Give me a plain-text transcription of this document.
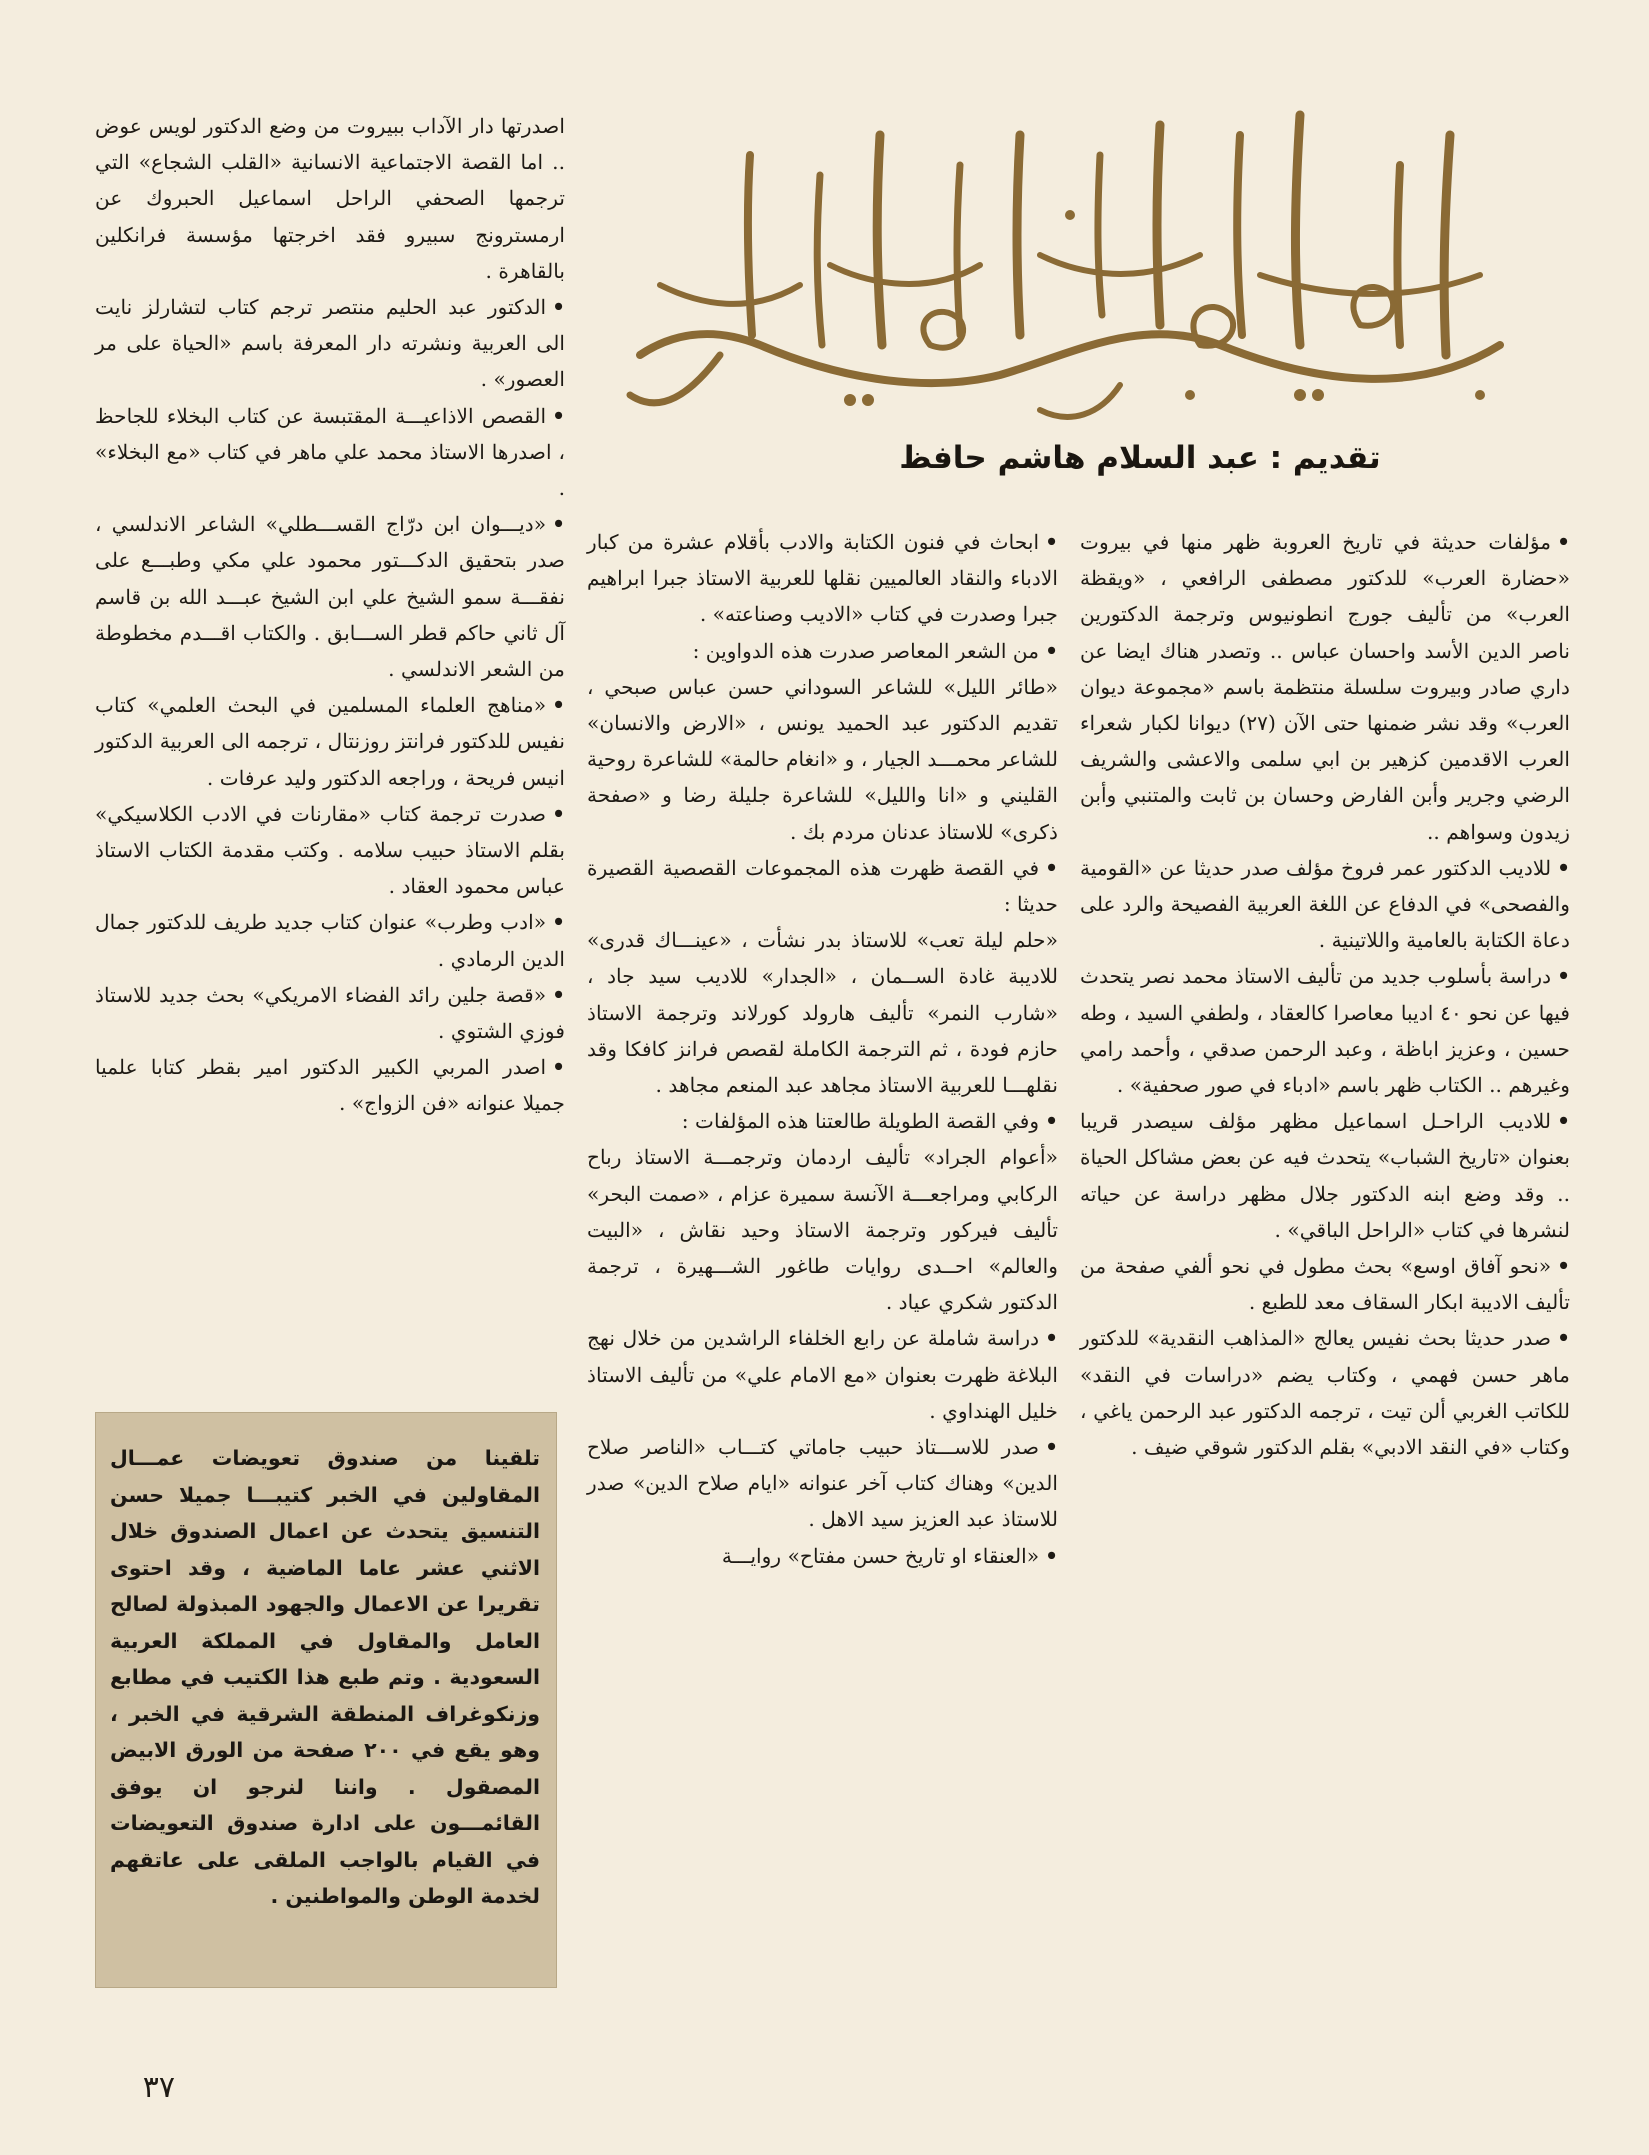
تقديم : عبد السلام هاشم حافظ

•مؤلفات حديثة في تاريخ العروبة ظهر منها في بيروت «حضارة العرب» للدكتور مصطفى الرافعي ، «ويقظة العرب» من تأليف جورج انطونيوس وترجمة الدكتورين ناصر الدين الأسد واحسان عباس .. وتصدر هناك ايضا عن داري صادر وبيروت سلسلة منتظمة باسم «مجموعة ديوان العرب» وقد نشر ضمنها حتى الآن (٢٧) ديوانا لكبار شعراء العرب الاقدمين كزهير بن ابي سلمى والاعشى والشريف الرضي وجرير وأبن الفارض وحسان بن ثابت والمتنبي وأبن زيدون وسواهم ..

•للاديب الدكتور عمر فروخ مؤلف صدر حديثا عن «القومية والفصحى» في الدفاع عن اللغة العربية الفصيحة والرد على دعاة الكتابة بالعامية واللاتينية .

•دراسة بأسلوب جديد من تأليف الاستاذ محمد نصر يتحدث فيها عن نحو ٤٠ اديبا معاصرا كالعقاد ، ولطفي السيد ، وطه حسين ، وعزيز اباظة ، وعبد الرحمن صدقي ، وأحمد رامي وغيرهم .. الكتاب ظهر باسم «ادباء في صور صحفية» .

•للاديب الراحـل اسماعيل مظهر مؤلف سيصدر قريبا بعنوان «تاريخ الشباب» يتحدث فيه عن بعض مشاكل الحياة .. وقد وضع ابنه الدكتور جلال مظهر دراسة عن حياته لنشرها في كتاب «الراحل الباقي» .

•«نحو آفاق اوسع» بحث مطول في نحو ألفي صفحة من تأليف الاديبة ابكار السقاف معد للطبع .

•صدر حديثا بحث نفيس يعالج «المذاهب النقدية» للدكتور ماهر حسن فهمي ، وكتاب يضم «دراسات في النقد» للكاتب الغربي ألن تيت ، ترجمه الدكتور عبد الرحمن ياغي ، وكتاب «في النقد الادبي» بقلم الدكتور شوقي ضيف .

•ابحاث في فنون الكتابة والادب بأقلام عشرة من كبار الادباء والنقاد العالميين نقلها للعربية الاستاذ جبرا ابراهيم جبرا وصدرت في كتاب «الاديب وصناعته» .

•من الشعر المعاصر صدرت هذه الدواوين :

«طائر الليل» للشاعر السوداني حسن عباس صبحي ، تقديم الدكتور عبد الحميد يونس ، «الارض والانسان» للشاعر محمـــد الجيار ، و «انغام حالمة» للشاعرة روحية القليني و «انا والليل» للشاعرة جليلة رضا و «صفحة ذكرى» للاستاذ عدنان مردم بك .

•في القصة ظهرت هذه المجموعات القصصية القصيرة حديثا :

«حلم ليلة تعب» للاستاذ بدر نشأت ، «عينـــاك قدرى» للاديبة غادة الســمان ، «الجدار» للاديب سيد جاد ، «شارب النمر» تأليف هارولد كورلاند وترجمة الاستاذ حازم فودة ، ثم الترجمة الكاملة لقصص فرانز كافكا وقد نقلهـــا للعربية الاستاذ مجاهد عبد المنعم مجاهد .

•وفي القصة الطويلة طالعتنا هذه المؤلفات :

«أعوام الجراد» تأليف اردمان وترجمـــة الاستاذ رباح الركابي ومراجعـــة الآنسة سميرة عزام ، «صمت البحر» تأليف فيركور وترجمة الاستاذ وحيد نقاش ، «البيت والعالم» احــدى روايات طاغور الشـــهيرة ، ترجمة الدكتور شكري عياد .

•دراسة شاملة عن رابع الخلفاء الراشدين من خلال نهج البلاغة ظهرت بعنوان «مع الامام علي» من تأليف الاستاذ خليل الهنداوي .

•صدر للاســـتاذ حبيب جاماتي كتـــاب «الناصر صلاح الدين» وهناك كتاب آخر عنوانه «ايام صلاح الدين» صدر للاستاذ عبد العزيز سيد الاهل .

•«العنقاء او تاريخ حسن مفتاح» روايـــة

اصدرتها دار الآداب ببيروت من وضع الدكتور لويس عوض .. اما القصة الاجتماعية الانسانية «القلب الشجاع» التي ترجمها الصحفي الراحل اسماعيل الحبروك عن ارمسترونج سبيرو فقد اخرجتها مؤسسة فرانكلين بالقاهرة .

•الدكتور عبد الحليم منتصر ترجم كتاب لتشارلز نايت الى العربية ونشرته دار المعرفة باسم «الحياة على مر العصور» .

•القصص الاذاعيـــة المقتبسة عن كتاب البخلاء للجاحظ ، اصدرها الاستاذ محمد علي ماهر في كتاب «مع البخلاء» .

•«ديـــوان ابن درّاج القســـطلي» الشاعر الاندلسي ، صدر بتحقيق الدكـــتور محمود علي مكي وطبـــع على نفقـــة سمو الشيخ علي ابن الشيخ عبـــد الله بن قاسم آل ثاني حاكم قطر الســـابق . والكتاب اقـــدم مخطوطة من الشعر الاندلسي .

•«مناهج العلماء المسلمين في البحث العلمي» كتاب نفيس للدكتور فرانتز روزنتال ، ترجمه الى العربية الدكتور انيس فريحة ، وراجعه الدكتور وليد عرفات .

•صدرت ترجمة كتاب «مقارنات في الادب الكلاسيكي» بقلم الاستاذ حبيب سلامه . وكتب مقدمة الكتاب الاستاذ عباس محمود العقاد .

•«ادب وطرب» عنوان كتاب جديد طريف للدكتور جمال الدين الرمادي .

•«قصة جلين رائد الفضاء الامريكي» بحث جديد للاستاذ فوزي الشتوي .

•اصدر المربي الكبير الدكتور امير بقطر كتابا علميا جميلا عنوانه «فن الزواج» .

تلقينا من صندوق تعويضات عمـــال المقاولين في الخبر كتيبـــا جميلا حسن التنسيق يتحدث عن اعمال الصندوق خلال الاثني عشر عاما الماضية ، وقد احتوى تقريرا عن الاعمال والجهود المبذولة لصالح العامل والمقاول في المملكة العربية السعودية . وتم طبع هذا الكتيب في مطابع وزنكوغراف المنطقة الشرقية في الخبر ، وهو يقع في ٢٠٠ صفحة من الورق الابيض المصقول . واننا لنرجو ان يوفق القائمـــون على ادارة صندوق التعويضات في القيام بالواجب الملقى على عاتقهم لخدمة الوطن والمواطنين .
٣٧
